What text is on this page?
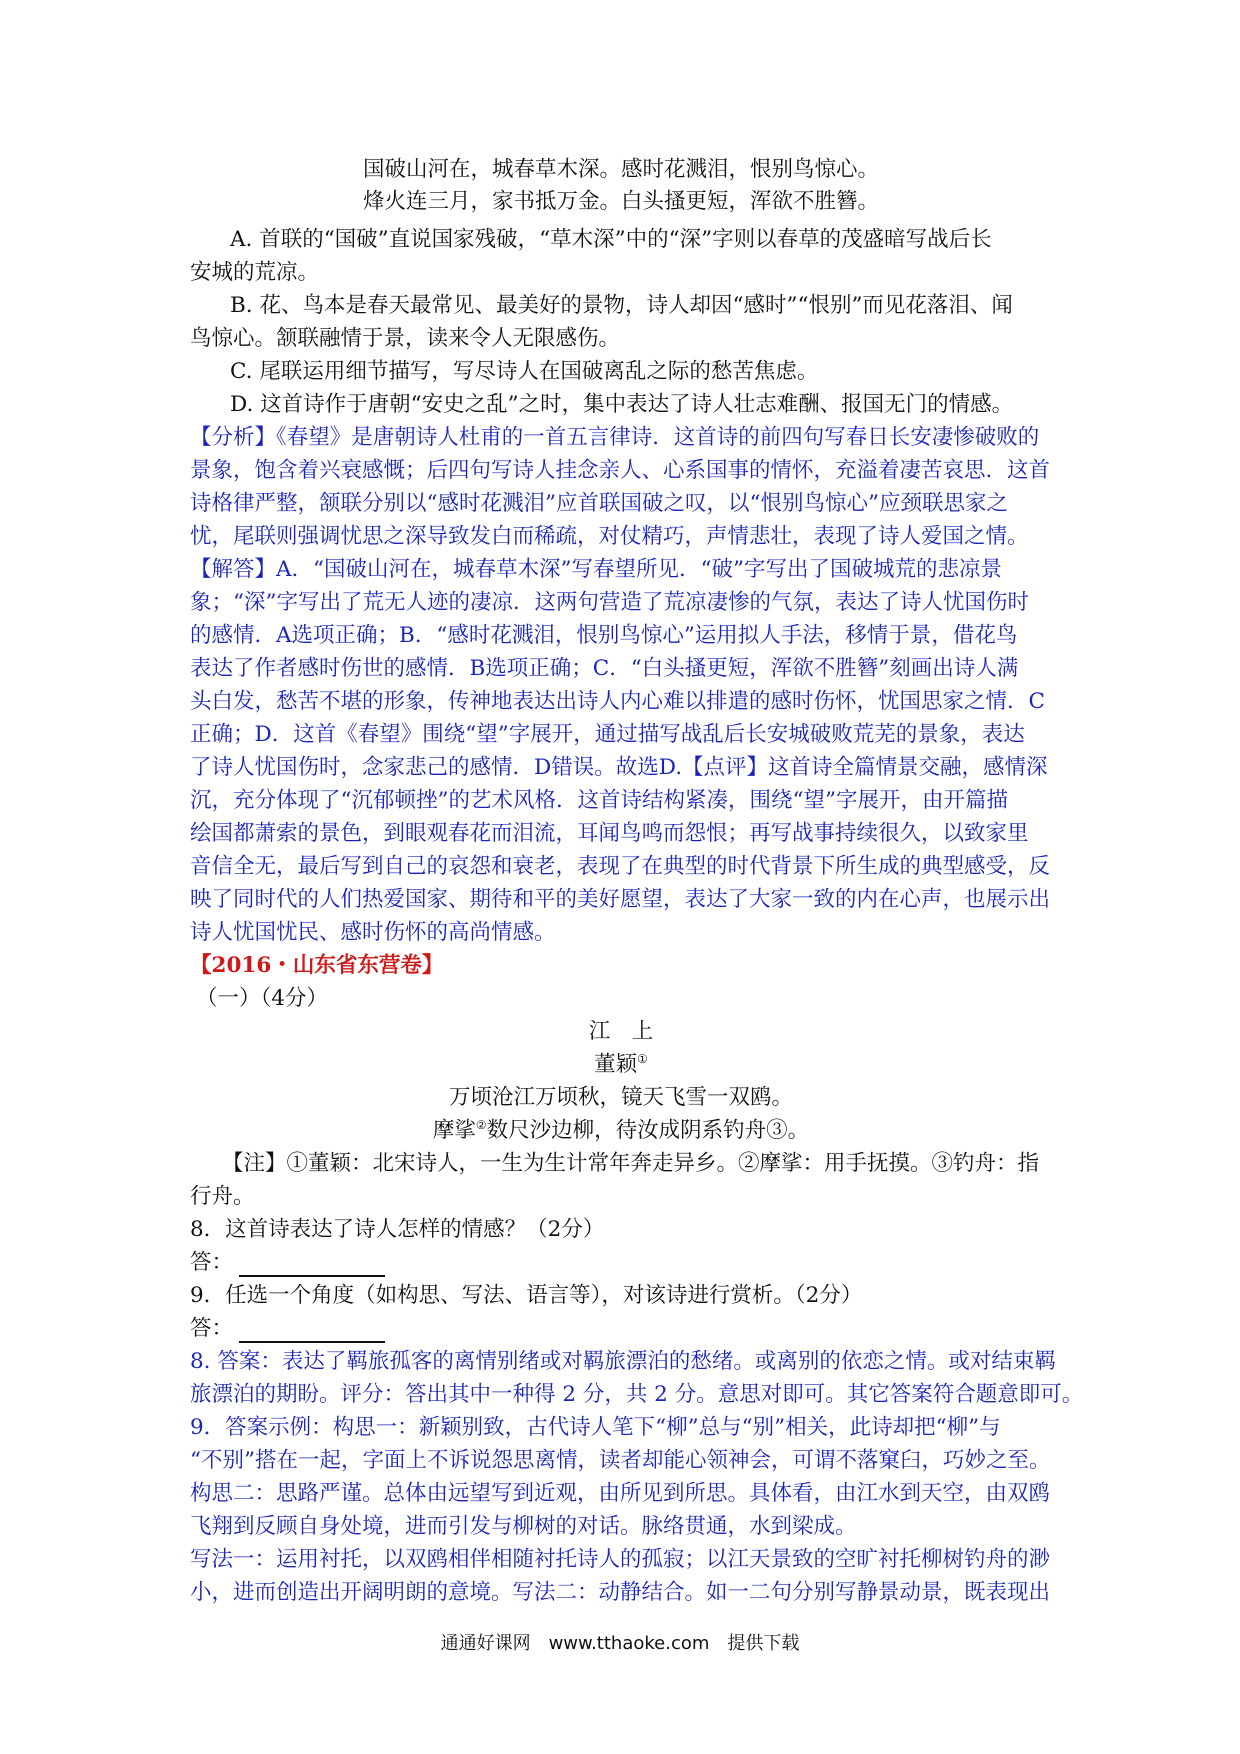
国破山河在，城春草木深。感时花溅泪，恨别鸟惊心。
烽火连三月，家书抵万金。白头搔更短，浑欲不胜簪。
A. 首联的“国破”直说国家残破，“草木深”中的“深”字则以春草的茂盛暗写战后长
安城的荒凉。
B. 花、鸟本是春天最常见、最美好的景物，诗人却因“感时”“恨别”而见花落泪、闻
鸟惊心。颔联融情于景，读来令人无限感伤。
C. 尾联运用细节描写，写尽诗人在国破离乱之际的愁苦焦虑。
D. 这首诗作于唐朝“安史之乱”之时，集中表达了诗人壮志难酬、报国无门的情感。
【分析】《春望》是唐朝诗人杜甫的一首五言律诗．这首诗的前四句写春日长安凄惨破败的
景象，饱含着兴衰感慨；后四句写诗人挂念亲人、心系国事的情怀，充溢着凄苦哀思．这首
诗格律严整，颔联分别以“感时花溅泪”应首联国破之叹，以“恨别鸟惊心”应颈联思家之
忧，尾联则强调忧思之深导致发白而稀疏，对仗精巧，声情悲壮，表现了诗人爱国之情。
【解答】A．“国破山河在，城春草木深”写春望所见．“破”字写出了国破城荒的悲凉景
象；“深”字写出了荒无人迹的凄凉．这两句营造了荒凉凄惨的气氛，表达了诗人忧国伤时
的感情．A选项正确；B．“感时花溅泪，恨别鸟惊心”运用拟人手法，移情于景，借花鸟
表达了作者感时伤世的感情．B选项正确；C．“白头搔更短，浑欲不胜簪”刻画出诗人满
头白发，愁苦不堪的形象，传神地表达出诗人内心难以排遣的感时伤怀，忧国思家之情．C
正确；D．这首《春望》围绕“望”字展开，通过描写战乱后长安城破败荒芜的景象，表达
了诗人忧国伤时，念家悲己的感情．D错误。故选D.【点评】这首诗全篇情景交融，感情深
沉，充分体现了“沉郁顿挫”的艺术风格．这首诗结构紧凑，围绕“望”字展开，由开篇描
绘国都萧索的景色，到眼观春花而泪流，耳闻鸟鸣而怨恨；再写战事持续很久，以致家里
音信全无，最后写到自己的哀怨和衰老，表现了在典型的时代背景下所生成的典型感受，反
映了同时代的人们热爱国家、期待和平的美好愿望，表达了大家一致的内在心声，也展示出
诗人忧国忧民、感时伤怀的高尚情感。
【2016・山东省东营卷】
（一）（4分）
江　上
董颖①
万顷沧江万顷秋，镜天飞雪一双鸥。
摩挲②数尺沙边柳，待汝成阴系钓舟③。
【注】①董颖：北宋诗人，一生为生计常年奔走异乡。②摩挲：用手抚摸。③钓舟：指
行舟。
8．这首诗表达了诗人怎样的情感？（2分）
答：
9．任选一个角度（如构思、写法、语言等），对该诗进行赏析。（2分）
答：
8. 答案：表达了羁旅孤客的离情别绪或对羁旅漂泊的愁绪。或离别的依恋之情。或对结束羁
旅漂泊的期盼。评分：答出其中一种得 2 分，共 2 分。意思对即可。其它答案符合题意即可。
9．答案示例：构思一：新颖别致，古代诗人笔下“柳”总与“别”相关，此诗却把“柳”与
“不别”搭在一起，字面上不诉说怨思离情，读者却能心领神会，可谓不落窠臼，巧妙之至。
构思二：思路严谨。总体由远望写到近观，由所见到所思。具体看，由江水到天空，由双鸥
飞翔到反顾自身处境，进而引发与柳树的对话。脉络贯通，水到梁成。
写法一：运用衬托，以双鸥相伴相随衬托诗人的孤寂；以江天景致的空旷衬托柳树钓舟的渺
小，进而创造出开阔明朗的意境。写法二：动静结合。如一二句分别写静景动景，既表现出
通通好课网　www.tthaoke.com　提供下载
